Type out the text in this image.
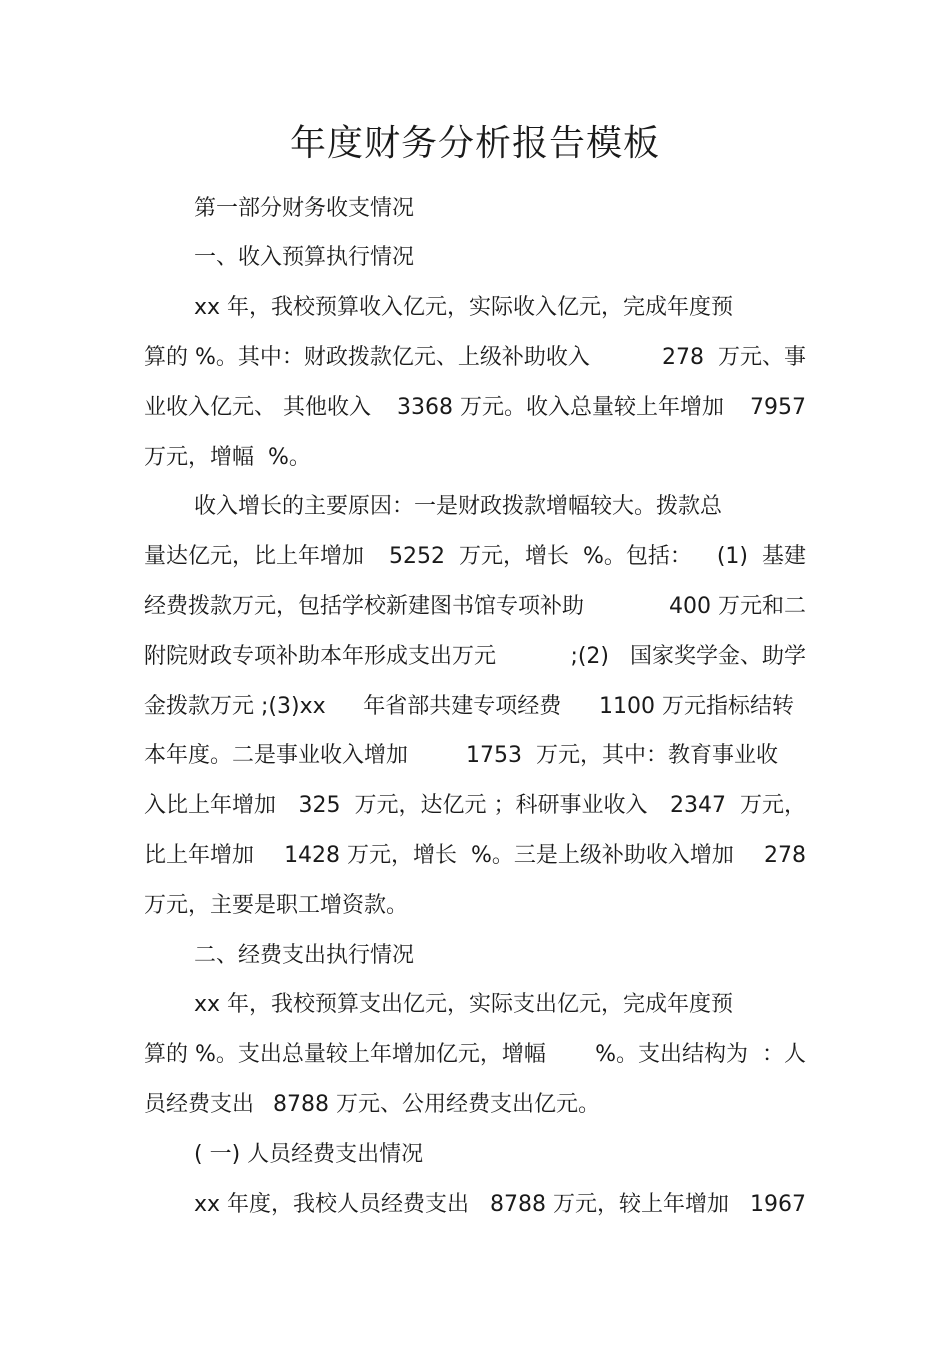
年度财务分析报告模板
第一部分财务收支情况
一、收入预算执行情况
xx 年，我校预算收入亿元，实际收入亿元，完成年度预
算的 %。其中：财政拨款亿元、上级补助收入	278  万元、事
业收入亿元、 其他收入 3368 万元。收入总量较上年增加 7957
万元，增幅  %。
收入增长的主要原因：一是财政拨款增幅较大。拨款总
量达亿元，比上年增加 5252  万元，增长  %。包括： (1)  基建
经费拨款万元，包括学校新建图书馆专项补助	400 万元和二
附院财政专项补助本年形成支出万元	;(2)   国家奖学金、助学
金拨款万元 ;(3)xx 年省部共建专项经费 1100 万元指标结转
本年度。二是事业收入增加	1753  万元，其中：教育事业收
入比上年增加 325  万元，达亿元 ；科研事业收入 2347  万元，
比上年增加 1428 万元，增长  %。三是上级补助收入增加 278
万元，主要是职工增资款。
二、经费支出执行情况
xx 年，我校预算支出亿元，实际支出亿元，完成年度预
算的 %。支出总量较上年增加亿元，增幅 %。支出结构为  ：人
员经费支出 8788 万元、公用经费支出亿元。
( 一) 人员经费支出情况
xx 年度，我校人员经费支出 8788 万元，较上年增加 1967
